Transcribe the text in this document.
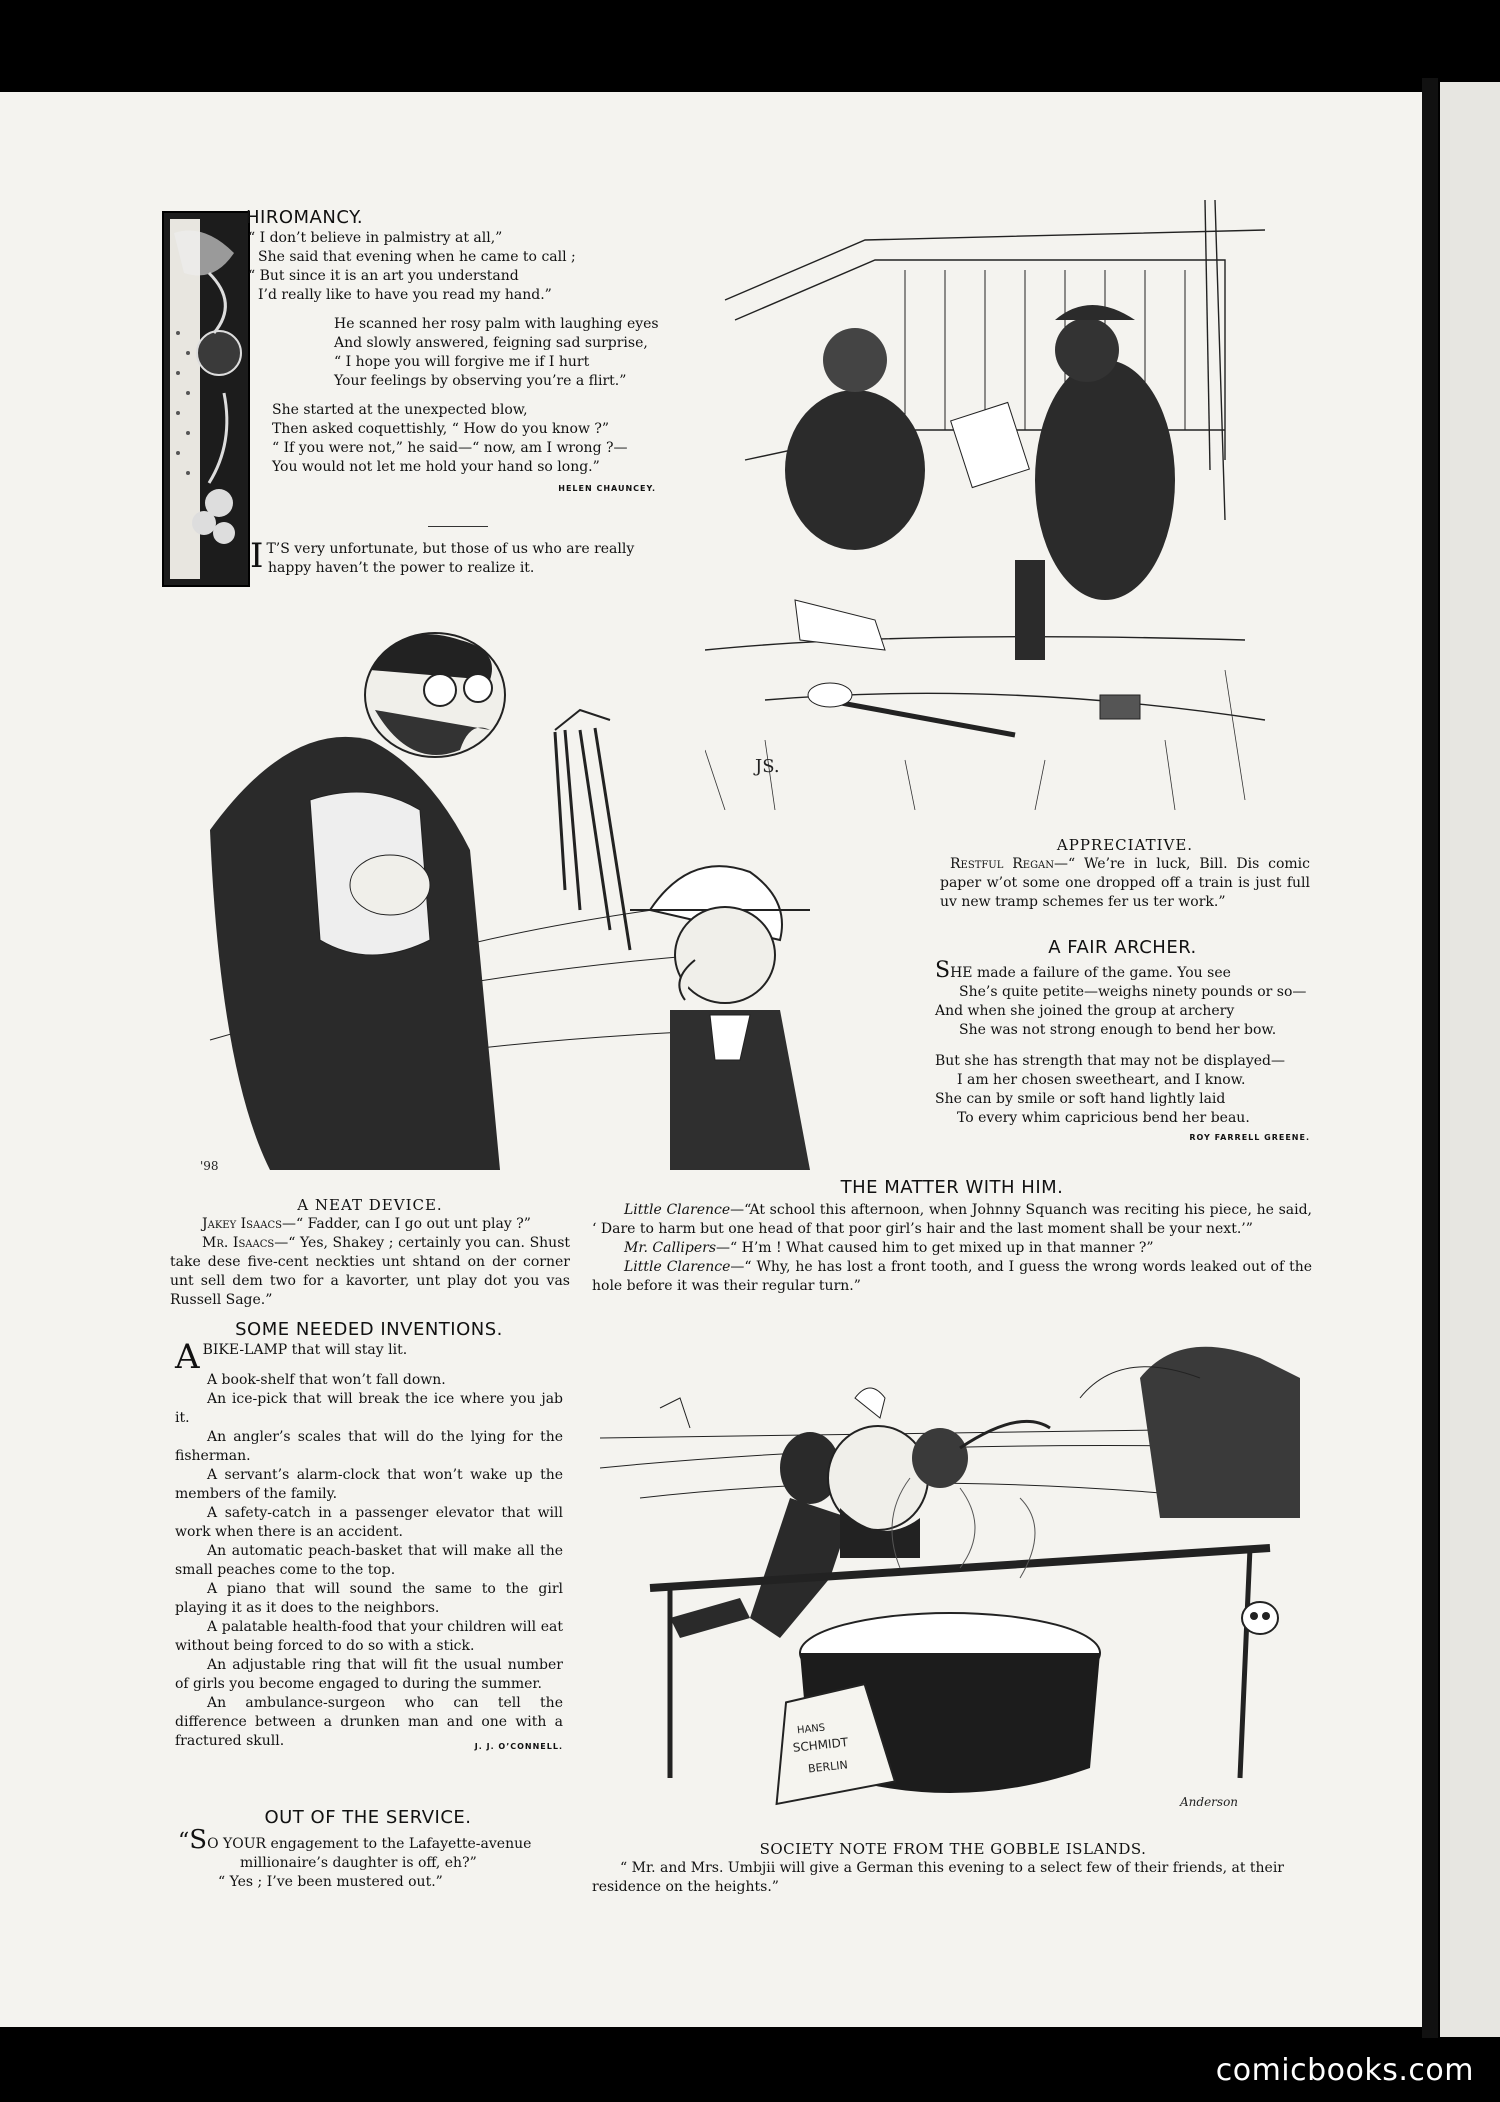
HIROMANCY.
“ I don’t believe in palmistry at all,”
She said that evening when he came to call ;
“ But since it is an art you understand
I’d really like to have you read my hand.”
He scanned her rosy palm with laughing eyes
And slowly answered, feigning sad surprise,
“ I hope you will forgive me if I hurt
Your feelings by observing you’re a flirt.”
She started at the unexpected blow,
Then asked coquettishly, “ How do you know ?”
“ If you were not,” he said—“ now, am I wrong ?—
You would not let me hold your hand so long.”
HELEN CHAUNCEY.
I T’S very unfortunate, but those of us who are really
happy haven’t the power to realize it.
JS.
APPRECIATIVE.
Restful Regan—“ We’re in luck, Bill. Dis comic paper w’ot some one dropped off a train is just full uv new tramp schemes fer us ter work.”
A FAIR ARCHER.
SHE made a failure of the game. You see
She’s quite petite—weighs ninety pounds or so—
And when she joined the group at archery
She was not strong enough to bend her bow.
But she has strength that may not be displayed—
I am her chosen sweetheart, and I know.
She can by smile or soft hand lightly laid
To every whim capricious bend her beau.
ROY FARRELL GREENE.
'98
A NEAT DEVICE.
Jakey Isaacs—“ Fadder, can I go out unt play ?”
Mr. Isaacs—“ Yes, Shakey ; certainly you can. Shust take dese five-cent neckties unt shtand on der corner unt sell dem two for a kavorter, unt play dot you vas Russell Sage.”
THE MATTER WITH HIM.

Little Clarence—“At school this afternoon, when Johnny Squanch was reciting his piece, he said, ‘ Dare to harm but one head of that poor girl’s hair and the last moment shall be your next.’”

Mr. Callipers—“ H’m ! What caused him to get mixed up in that manner ?”

Little Clarence—“ Why, he has lost a front tooth, and I guess the wrong words leaked out of the hole before it was their regular turn.”

SOME NEEDED INVENTIONS.
A BIKE-LAMP that will stay lit.

A book-shelf that won’t fall down.

An ice-pick that will break the ice where you jab it.

An angler’s scales that will do the lying for the fisherman.

A servant’s alarm-clock that won’t wake up the members of the family.

A safety-catch in a passenger elevator that will work when there is an accident.

An automatic peach-basket that will make all the small peaches come to the top.

A piano that will sound the same to the girl playing it as it does to the neighbors.

A palatable health-food that your children will eat without being forced to do so with a stick.

An adjustable ring that will fit the usual number of girls you become engaged to during the summer.

An ambulance-surgeon who can tell the difference between a drunken man and one with a fractured skull.	J. J. O’CONNELL.
OUT OF THE SERVICE.
“SO YOUR engagement to the Lafayette-avenue
millionaire’s daughter is off, eh?”
“ Yes ; I’ve been mustered out.”
HANS
SCHMIDT
BERLIN
Anderson
SOCIETY NOTE FROM THE GOBBLE ISLANDS.
“ Mr. and Mrs. Umbjii will give a German this evening to a select few of their friends, at their residence on the heights.”
comicbooks.com
